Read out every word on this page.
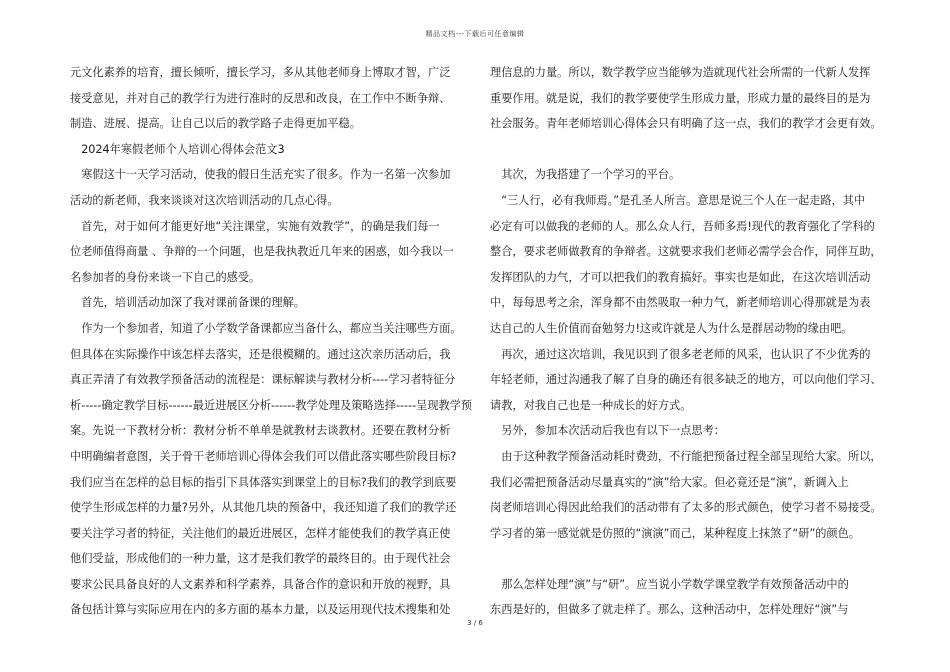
精品文档---下载后可任意编辑
元文化素养的培育，擅长倾听，擅长学习，多从其他老师身上博取才智，广泛
接受意见，并对自己的教学行为进行准时的反思和改良，在工作中不断争辩、
制造、进展、提高。让自己以后的教学路子走得更加平稳。
　2024年寒假老师个人培训心得体会范文3
　寒假这十一天学习活动，使我的假日生活充实了很多。作为一名第一次参加
活动的新老师，我来谈谈对这次培训活动的几点心得。
　首先，对于如何才能更好地“关注课堂，实施有效教学”，的确是我们每一
位老师值得商量 、争辩的一个问题，也是我执教近几年来的困惑，如今我以一
名参加者的身份来谈一下自己的感受。
　首先，培训活动加深了我对课前备课的理解。
　作为一个参加者，知道了小学数学备课都应当备什么，都应当关注哪些方面。
但具体在实际操作中该怎样去落实，还是很模糊的。通过这次亲历活动后，我
真正弄清了有效教学预备活动的流程是：课标解读与教材分析----学习者特征分
析-----确定教学目标------最近进展区分析------教学处理及策略选择-----呈现教学预
案。先说一下教材分析：教材分析不单单是就教材去谈教材。还要在教材分析
中明确编者意图，关于骨干老师培训心得体会我们可以借此落实哪些阶段目标?
我们应当在怎样的总目标的指引下具体落实到课堂上的目标?我们的教学到底要
使学生形成怎样的力量?另外，从其他几块的预备中，我还知道了我们的教学还
要关注学习者的特征，关注他们的最近进展区，怎样才能使我们的教学真正使
他们受益，形成他们的一种力量，这才是我们教学的最终目的。由于现代社会
要求公民具备良好的人文素养和科学素养，具备合作的意识和开放的视野，具
备包括计算与实际应用在内的多方面的基本力量，以及运用现代技术搜集和处
理信息的力量。所以，数学教学应当能够为造就现代社会所需的一代新人发挥
重要作用。就是说，我们的教学要使学生形成力量，形成力量的最终目的是为
社会服务。青年老师培训心得体会只有明确了这一点，我们的教学才会更有效。
　其次，为我搭建了一个学习的平台。
　“三人行，必有我师焉。”是孔圣人所言。意思是说三个人在一起走路，其中
必定有可以做我的老师的人。那么众人行，吾师多焉!现代的教育强化了学科的
整合，要求老师做教育的争辩者。这就要求我们老师必需学会合作，同伴互助，
发挥团队的力气，才可以把我们的教育搞好。事实也是如此，在这次培训活动
中，每每思考之余，浑身都不由然吸取一种力气，新老师培训心得那就是为表
达自己的人生价值而奋勉努力!这或许就是人为什么是群居动物的缘由吧。
　再次，通过这次培训，我见识到了很多老老师的风采，也认识了不少优秀的
年轻老师，通过沟通我了解了自身的确还有很多缺乏的地方，可以向他们学习、
请教，对我自己也是一种成长的好方式。
　另外，参加本次活动后我也有以下一点思考：
　由于这种教学预备活动耗时费劲，不行能把预备过程全部呈现给大家。所以，
我们必需把预备活动尽量真实的“演”给大家。但必竟还是“演”，新调入上
岗老师培训心得因此给我们的活动带有了太多的形式颜色，使学习者不易接受。
学习者的第一感觉就是仿照的“演演”而己，某种程度上抹煞了“研”的颜色。
　那么怎样处理“演”与“研”。应当说小学数学课堂教学有效预备活动中的
东西是好的，但做多了就走样了。那么，这种活动中，怎样处理好“演”与
3 / 6
